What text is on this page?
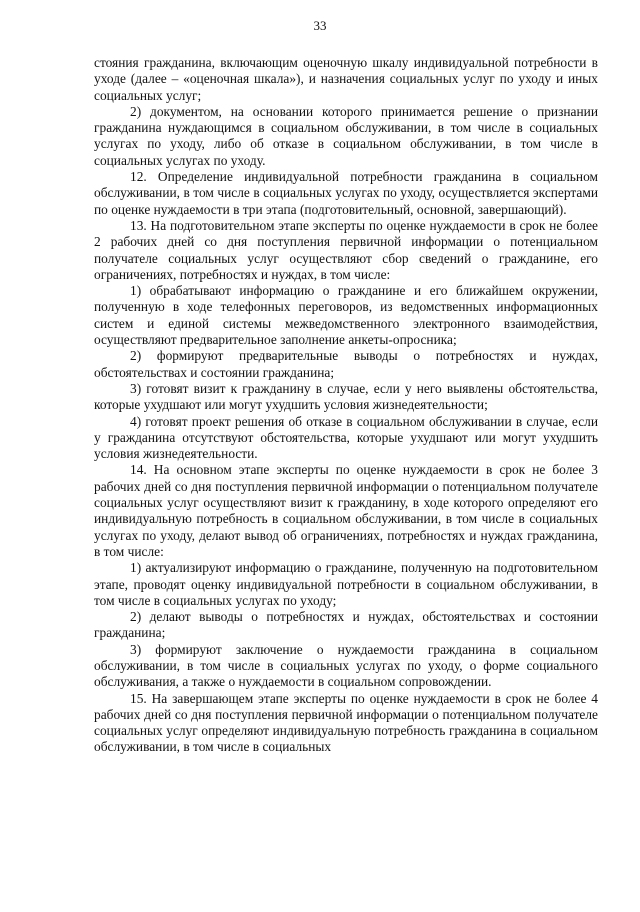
33

стояния гражданина, включающим оценочную шкалу индивидуальной потребности в уходе (далее – «оценочная шкала»), и назначения социальных услуг по уходу и иных социальных услуг;

2) документом, на основании которого принимается решение о признании гражданина нуждающимся в социальном обслуживании, в том числе в социальных услугах по уходу, либо об отказе в социальном обслуживании, в том числе в социальных услугах по уходу.

12. Определение индивидуальной потребности гражданина в социальном обслуживании, в том числе в социальных услугах по уходу, осуществляется экспертами по оценке нуждаемости в три этапа (подготовительный, основной, завершающий).

13. На подготовительном этапе эксперты по оценке нуждаемости в срок не более 2 рабочих дней со дня поступления первичной информации о потенциальном получателе социальных услуг осуществляют сбор сведений о гражданине, его ограничениях, потребностях и нуждах, в том числе:

1) обрабатывают информацию о гражданине и его ближайшем окружении, полученную в ходе телефонных переговоров, из ведомственных информационных систем и единой системы межведомственного электронного взаимодействия, осуществляют предварительное заполнение анкеты-опросника;

2) формируют предварительные выводы о потребностях и нуждах, обстоятельствах и состоянии гражданина;

3) готовят визит к гражданину в случае, если у него выявлены обстоятельства, которые ухудшают или могут ухудшить условия жизнедеятельности;

4) готовят проект решения об отказе в социальном обслуживании в случае, если у гражданина отсутствуют обстоятельства, которые ухудшают или могут ухудшить условия жизнедеятельности.

14. На основном этапе эксперты по оценке нуждаемости в срок не более 3 рабочих дней со дня поступления первичной информации о потенциальном получателе социальных услуг осуществляют визит к гражданину, в ходе которого определяют его индивидуальную потребность в социальном обслуживании, в том числе в социальных услугах по уходу, делают вывод об ограничениях, потребностях и нуждах гражданина, в том числе:

1) актуализируют информацию о гражданине, полученную на подготовительном этапе, проводят оценку индивидуальной потребности в социальном обслуживании, в том числе в социальных услугах по уходу;

2) делают выводы о потребностях и нуждах, обстоятельствах и состоянии гражданина;

3) формируют заключение о нуждаемости гражданина в социальном обслуживании, в том числе в социальных услугах по уходу, о форме социального обслуживания, а также о нуждаемости в социальном сопровождении.

15. На завершающем этапе эксперты по оценке нуждаемости в срок не более 4 рабочих дней со дня поступления первичной информации о потенциальном получателе социальных услуг определяют индивидуальную потребность гражданина в социальном обслуживании, в том числе в социальных
